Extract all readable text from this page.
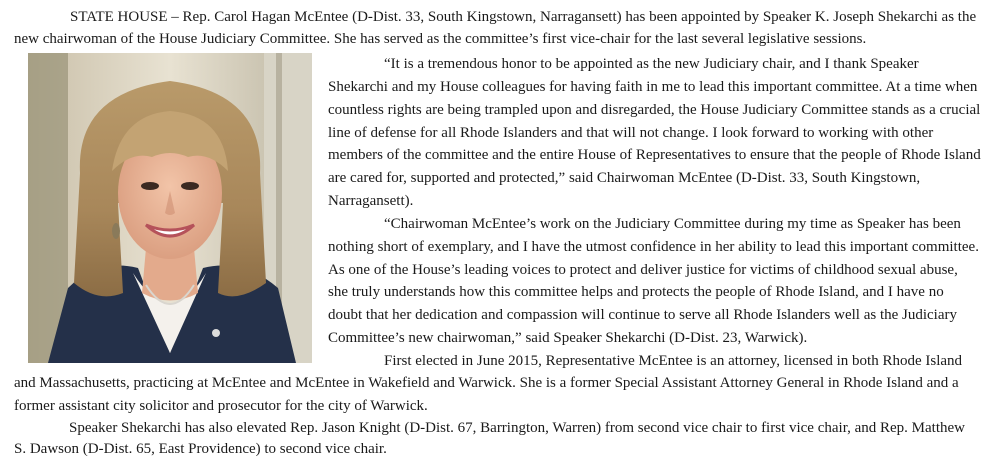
STATE HOUSE – Rep. Carol Hagan McEntee (D-Dist. 33, South Kingstown, Narragansett) has been appointed by Speaker K. Joseph Shekarchi as the
new chairwoman of the House Judiciary Committee. She has served as the committee’s first vice-chair for the last several legislative sessions.
“It is a tremendous honor to be appointed as the new Judiciary chair, and I thank Speaker
Shekarchi and my House colleagues for having faith in me to lead this important committee. At a time when
countless rights are being trampled upon and disregarded, the House Judiciary Committee stands as a crucial
line of defense for all Rhode Islanders and that will not change. I look forward to working with other
members of the committee and the entire House of Representatives to ensure that the people of Rhode Island
are cared for, supported and protected,” said Chairwoman McEntee (D-Dist. 33, South Kingstown,
Narragansett).
“Chairwoman McEntee’s work on the Judiciary Committee during my time as Speaker has been
nothing short of exemplary, and I have the utmost confidence in her ability to lead this important committee.
As one of the House’s leading voices to protect and deliver justice for victims of childhood sexual abuse,
she truly understands how this committee helps and protects the people of Rhode Island, and I have no
doubt that her dedication and compassion will continue to serve all Rhode Islanders well as the Judiciary
Committee’s new chairwoman,” said Speaker Shekarchi (D-Dist. 23, Warwick).
First elected in June 2015, Representative McEntee is an attorney, licensed in both Rhode Island
and Massachusetts, practicing at McEntee and McEntee in Wakefield and Warwick. She is a former Special Assistant Attorney General in Rhode Island and a
former assistant city solicitor and prosecutor for the city of Warwick.
Speaker Shekarchi has also elevated Rep. Jason Knight (D-Dist. 67, Barrington, Warren) from second vice chair to first vice chair, and Rep. Matthew
S. Dawson (D-Dist. 65, East Providence) to second vice chair.
